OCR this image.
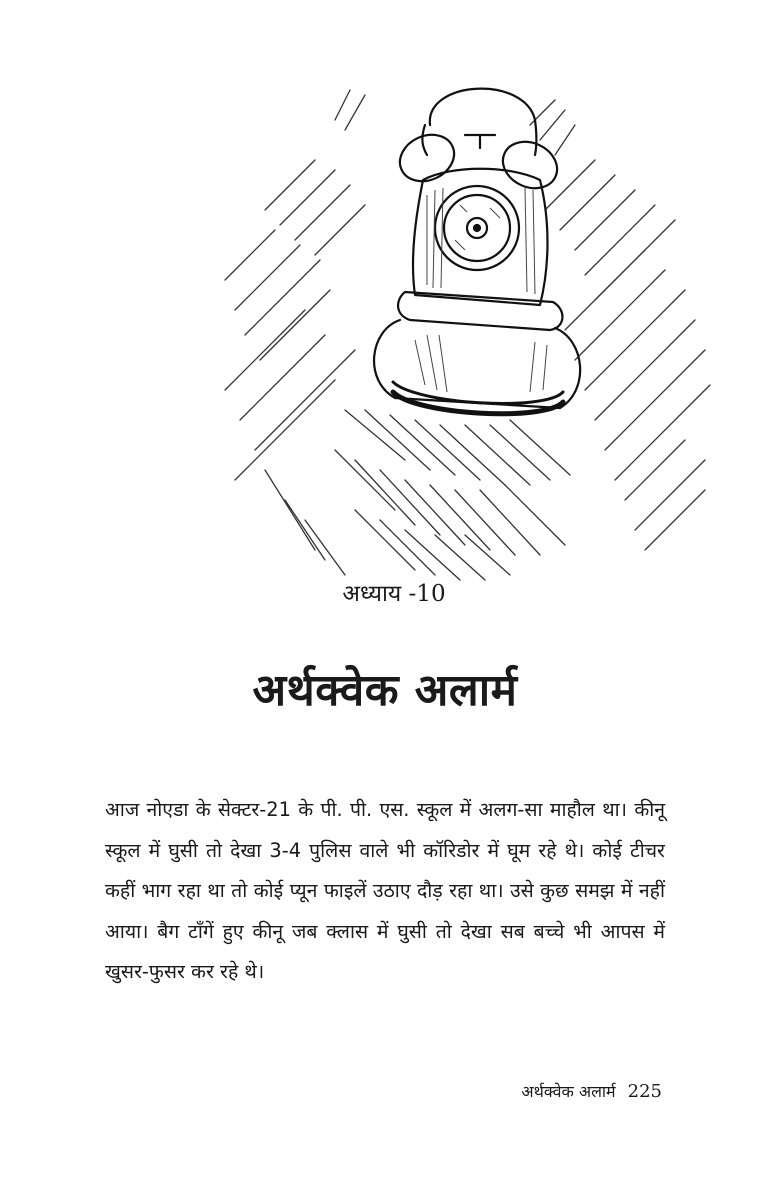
अध्याय -10
अर्थक्वेक अलार्म

आज नोएडा के सेक्टर-21 के पी. पी. एस. स्कूल में अलग-सा माहौल था। कीनू स्कूल में घुसी तो देखा 3-4 पुलिस वाले भी कॉरिडोर में घूम रहे थे। कोई टीचर कहीं भाग रहा था तो कोई प्यून फाइलें उठाए दौड़ रहा था। उसे कुछ समझ में नहीं आया। बैग टाँगें हुए कीनू जब क्लास में घुसी तो देखा सब बच्चे भी आपस में खुसर-फुसर कर रहे थे।

अर्थक्वेक अलार्म 225
